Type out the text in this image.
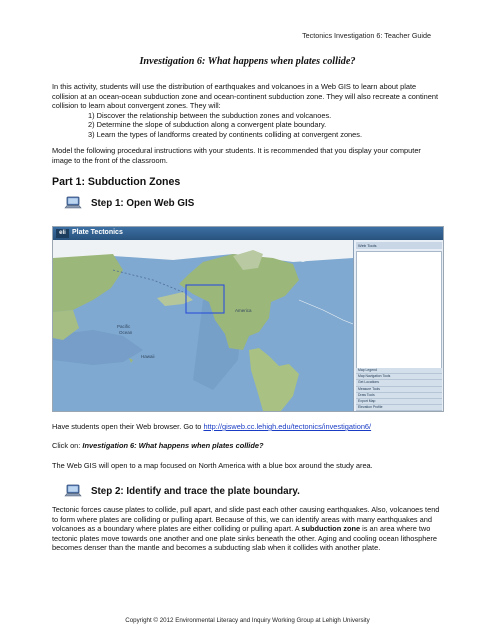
Tectonics Investigation 6: Teacher Guide
Investigation 6: What happens when plates collide?

In this activity, students will use the distribution of earthquakes and volcanoes in a Web GIS to learn about plate collision at an ocean-ocean subduction zone and ocean-continent subduction zone. They will also recreate a continent collision to learn about convergent zones. They will:

1) Discover the relationship between the subduction zones and volcanoes.
2) Determine the slope of subduction along a convergent plate boundary.
3) Learn the types of landforms created by continents colliding at convergent zones.
Model the following procedural instructions with your students. It is recommended that you display your computer image to the front of the classroom.
Part 1: Subduction Zones
Step 1: Open Web GIS
eli Plate Tectonics
Pacific
Ocean
Hawaii
America
Web Tools
Map Legend
Map Navigation Tools
Get Locations
Measure Tools
Draw Tools
Export Map
Elevation Profile
Have students open their Web browser. Go to http://gisweb.cc.lehigh.edu/tectonics/investigation6/
Click on: Investigation 6: What happens when plates collide?
The Web GIS will open to a map focused on North America with a blue box around the study area.
Step 2: Identify and trace the plate boundary.

Tectonic forces cause plates to collide, pull apart, and slide past each other causing earthquakes. Also, volcanoes tend to form where plates are colliding or pulling apart. Because of this, we can identify areas with many earthquakes and volcanoes as a boundary where plates are either colliding or pulling apart. A subduction zone is an area where two tectonic plates move towards one another and one plate sinks beneath the other. Aging and cooling ocean lithosphere becomes denser than the mantle and becomes a subducting slab when it collides with another plate.

Copyright © 2012 Environmental Literacy and Inquiry Working Group at Lehigh University
